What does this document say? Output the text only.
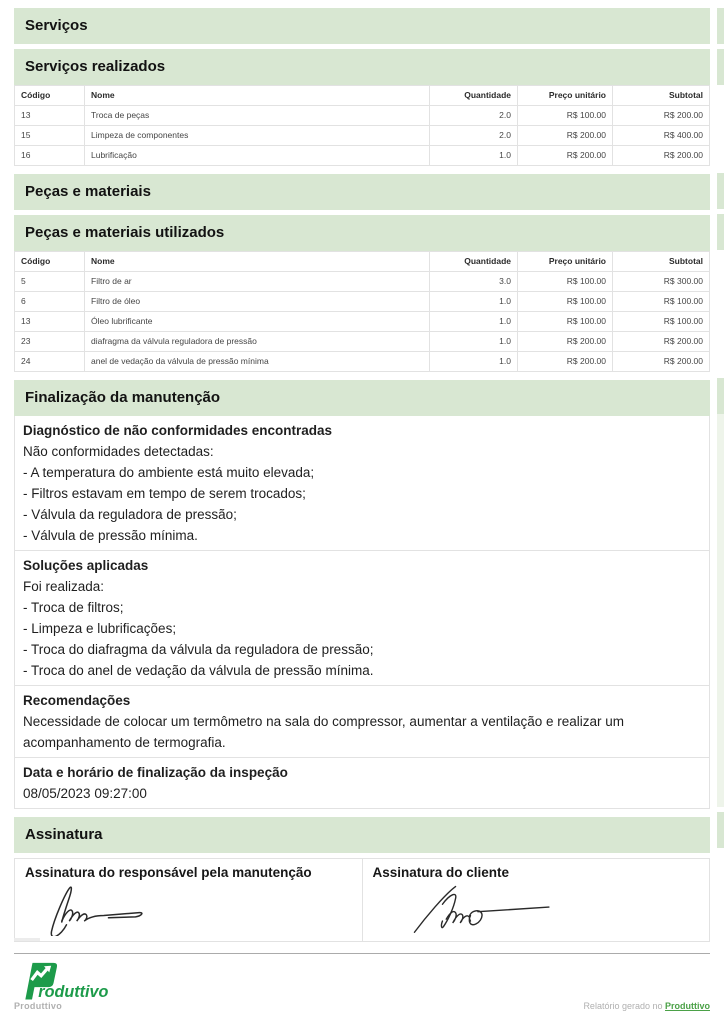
Serviços
Serviços realizados
Código	Nome	Quantidade	Preço unitário	Subtotal
13	Troca de peças	2.0	R$ 100.00	R$ 200.00
15	Limpeza de componentes	2.0	R$ 200.00	R$ 400.00
16	Lubrificação	1.0	R$ 200.00	R$ 200.00
Peças e materiais
Peças e materiais utilizados
Código	Nome	Quantidade	Preço unitário	Subtotal
5	Filtro de ar	3.0	R$ 100.00	R$ 300.00
6	Filtro de óleo	1.0	R$ 100.00	R$ 100.00
13	Óleo lubrificante	1.0	R$ 100.00	R$ 100.00
23	diafragma da válvula reguladora de pressão	1.0	R$ 200.00	R$ 200.00
24	anel de vedação da válvula de pressão mínima	1.0	R$ 200.00	R$ 200.00
Finalização da manutenção
Diagnóstico de não conformidades encontradas
Não conformidades detectadas:
- A temperatura do ambiente está muito elevada;
- Filtros estavam em tempo de serem trocados;
- Válvula da reguladora de pressão;
- Válvula de pressão mínima.
Soluções aplicadas
Foi realizada:
- Troca de filtros;
- Limpeza e lubrificações;
- Troca do diafragma da válvula da reguladora de pressão;
- Troca do anel de vedação da válvula de pressão mínima.
Recomendações
Necessidade de colocar um termômetro na sala do compressor, aumentar a ventilação e realizar um acompanhamento de termografia.
Data e horário de finalização da inspeção
08/05/2023 09:27:00
Assinatura
Assinatura do responsável pela manutenção	Assinatura do cliente
roduttivo
Produttivo	Relatório gerado no Produttivo
